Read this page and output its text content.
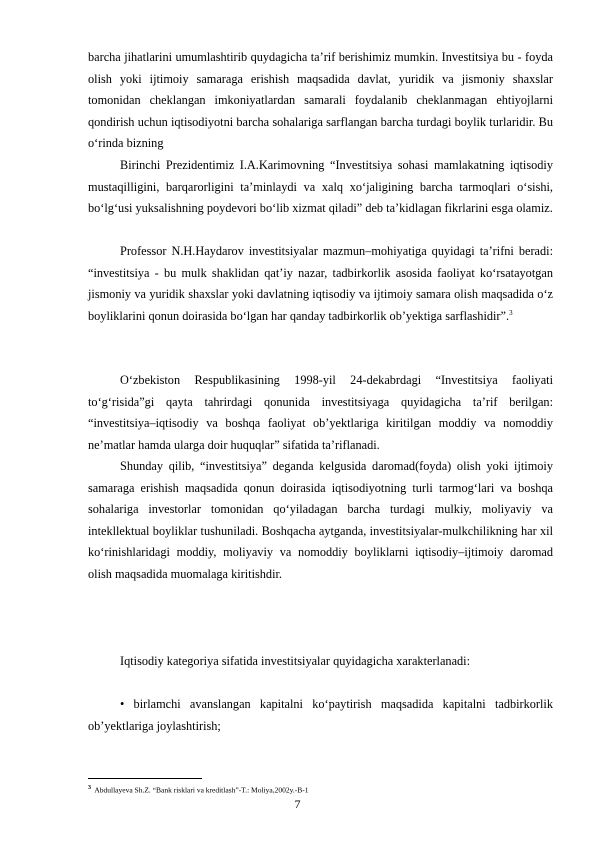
barcha jihatlarini umumlashtirib quydagicha ta’rif berishimiz mumkin. Investitsiya bu - foyda olish yoki ijtimoiy samaraga erishish maqsadida davlat, yuridik va jismoniy shaxslar tomonidan cheklangan imkoniyatlardan samarali foydalanib cheklanmagan ehtiyojlarni qondirish uchun iqtisodiyotni barcha sohalariga sarflangan barcha turdagi boylik turlaridir. Bu o‘rinda bizning

Birinchi Prezidentimiz I.A.Karimovning “Investitsiya sohasi mamlakatning iqtisodiy mustaqilligini, barqarorligini ta’minlaydi va xalq xo‘jaligining barcha tarmoqlari o‘sishi, bo‘lg‘usi yuksalishning poydevori bo‘lib xizmat qiladi” deb ta’kidlagan fikrlarini esga olamiz.

Professor N.H.Haydarov investitsiyalar mazmun–mohiyatiga quyidagi ta’rifni beradi: “investitsiya - bu mulk shaklidan qat’iy nazar, tadbirkorlik asosida faoliyat ko‘rsatayotgan jismoniy va yuridik shaxslar yoki davlatning iqtisodiy va ijtimoiy samara olish maqsadida o‘z boyliklarini qonun doirasida bo‘lgan har qanday tadbirkorlik ob’yektiga sarflashidir”.$^3$

O‘zbekiston Respublikasining 1998-yil 24-dekabrdagi “Investitsiya faoliyati to‘g‘risida”gi qayta tahrirdagi qonunida investitsiyaga quyidagicha ta’rif berilgan: “investitsiya–iqtisodiy va boshqa faoliyat ob’yektlariga kiritilgan moddiy va nomoddiy ne’matlar hamda ularga doir huquqlar” sifatida ta’riflanadi.

Shunday qilib, “investitsiya” deganda kelgusida daromad(foyda) olish yoki ijtimoiy samaraga erishish maqsadida qonun doirasida iqtisodiyotning turli tarmog‘lari va boshqa sohalariga investorlar tomonidan qo‘yiladagan barcha turdagi mulkiy, moliyaviy va intekllektual boyliklar tushuniladi. Boshqacha aytganda, investitsiyalar-mulkchilikning har xil ko‘rinishlaridagi moddiy, moliyaviy va nomoddiy boyliklarni iqtisodiy–ijtimoiy daromad olish maqsadida muomalaga kiritishdir.

Iqtisodiy kategoriya sifatida investitsiyalar quyidagicha xarakterlanadi:

• birlamchi avanslangan kapitalni ko‘paytirish maqsadida kapitalni tadbirkorlik ob’yektlariga joylashtirish;

$^3$ Abdullayeva Sh.Z. “Bank risklari va kreditlash”-T.: Moliya,2002y.-B-1
7
